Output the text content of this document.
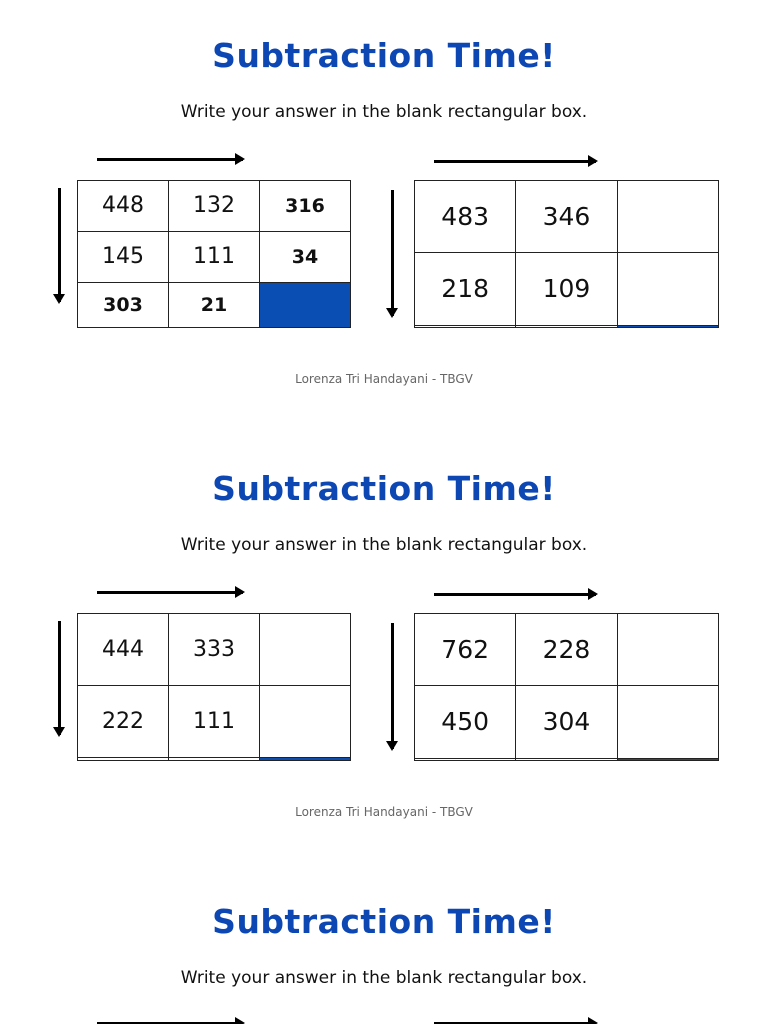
Subtraction Time!

Write your answer in the blank rectangular box.

448	132	316
145	111	34
303	21	
483	346	
218	109	

Lorenza Tri Handayani - TBGV
Subtraction Time!

Write your answer in the blank rectangular box.

444	333	
222	111	

762	228	
450	304	

Lorenza Tri Handayani - TBGV
Subtraction Time!

Write your answer in the blank rectangular box.
